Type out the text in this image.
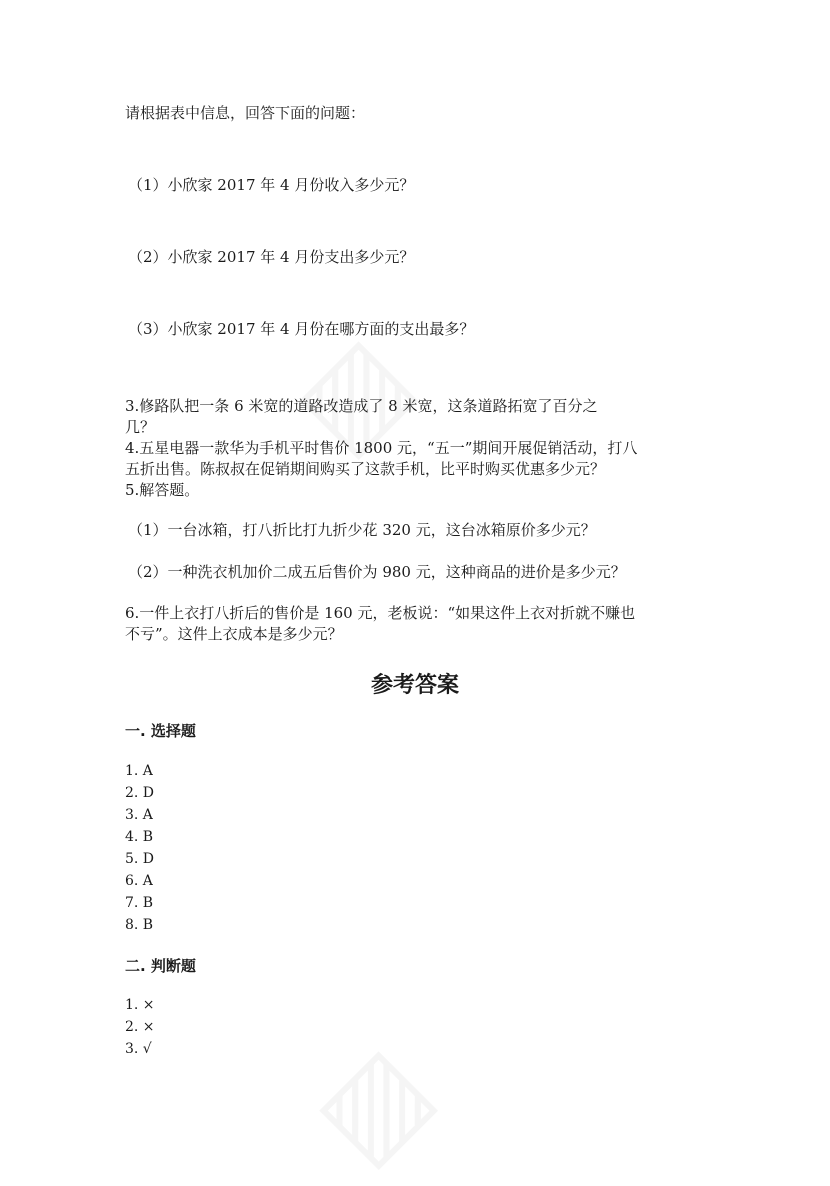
请根据表中信息，回答下面的问题：
（1）小欣家 2017 年 4 月份收入多少元？
（2）小欣家 2017 年 4 月份支出多少元？
（3）小欣家 2017 年 4 月份在哪方面的支出最多？
3.修路队把一条 6 米宽的道路改造成了 8 米宽，这条道路拓宽了百分之
几？
4.五星电器一款华为手机平时售价 1800 元，“五一”期间开展促销活动，打八
五折出售。陈叔叔在促销期间购买了这款手机，比平时购买优惠多少元？
5.解答题。
（1）一台冰箱，打八折比打九折少花 320 元，这台冰箱原价多少元？
（2）一种洗衣机加价二成五后售价为 980 元，这种商品的进价是多少元？
6.一件上衣打八折后的售价是 160 元，老板说：“如果这件上衣对折就不赚也
不亏”。这件上衣成本是多少元？
参考答案
一. 选择题
1. A
2. D
3. A
4. B
5. D
6. A
7. B
8. B
二. 判断题
1. ×
2. ×
3. √
